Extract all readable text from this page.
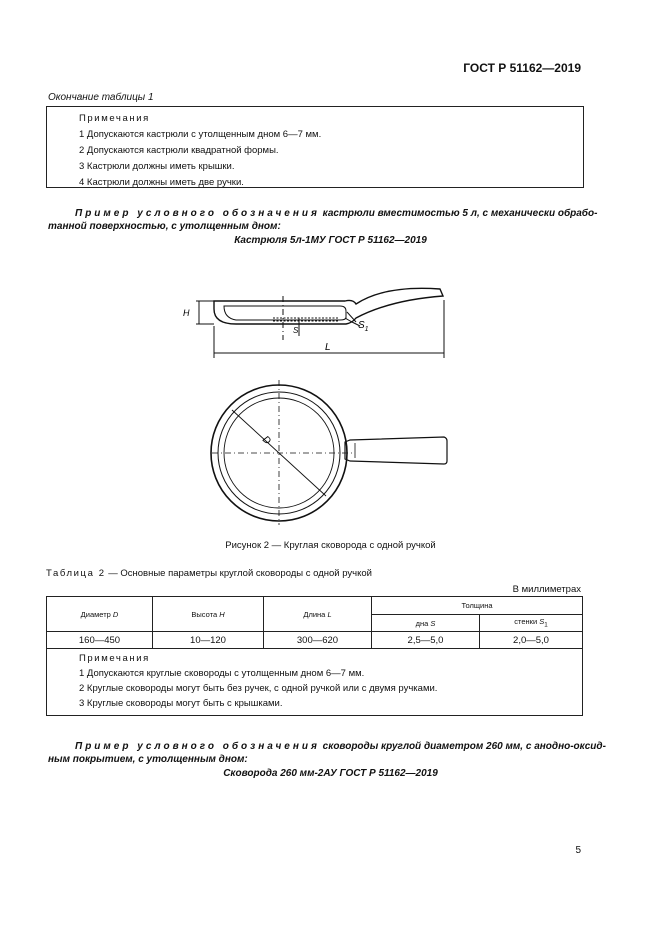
ГОСТ Р 51162—2019
Окончание таблицы 1
Примечания
1 Допускаются кастрюли с утолщенным дном 6—7 мм.
2 Допускаются кастрюли квадратной формы.
3 Кастрюли должны иметь крышки.
4 Кастрюли должны иметь две ручки.
Пример условного обозначения кастрюли вместимостью 5 л, с механически обрабо-
танной поверхностью, с утолщенным дном:
Кастрюля 5л-1МУ ГОСТ Р 51162—2019
H
S	$S_1$
L
D
Рисунок 2 — Круглая сковорода с одной ручкой
Таблица 2 — Основные параметры круглой сковороды с одной ручкой
В миллиметрах
Диаметр D	Высота H	Длина L	Толщина	
			дна S	стенки $S_1$
160—450	10—120	300—620	2,5—5,0	2,0—5,0

Примечания
1 Допускаются круглые сковороды с утолщенным дном 6—7 мм.
2 Круглые сковороды могут быть без ручек, с одной ручкой или с двумя ручками.
3 Круглые сковороды могут быть с крышками.				
Пример условного обозначения сковороды круглой диаметром 260 мм, с анодно-оксид-
ным покрытием, с утолщенным дном:
Сковорода 260 мм-2АУ ГОСТ Р 51162—2019
5
